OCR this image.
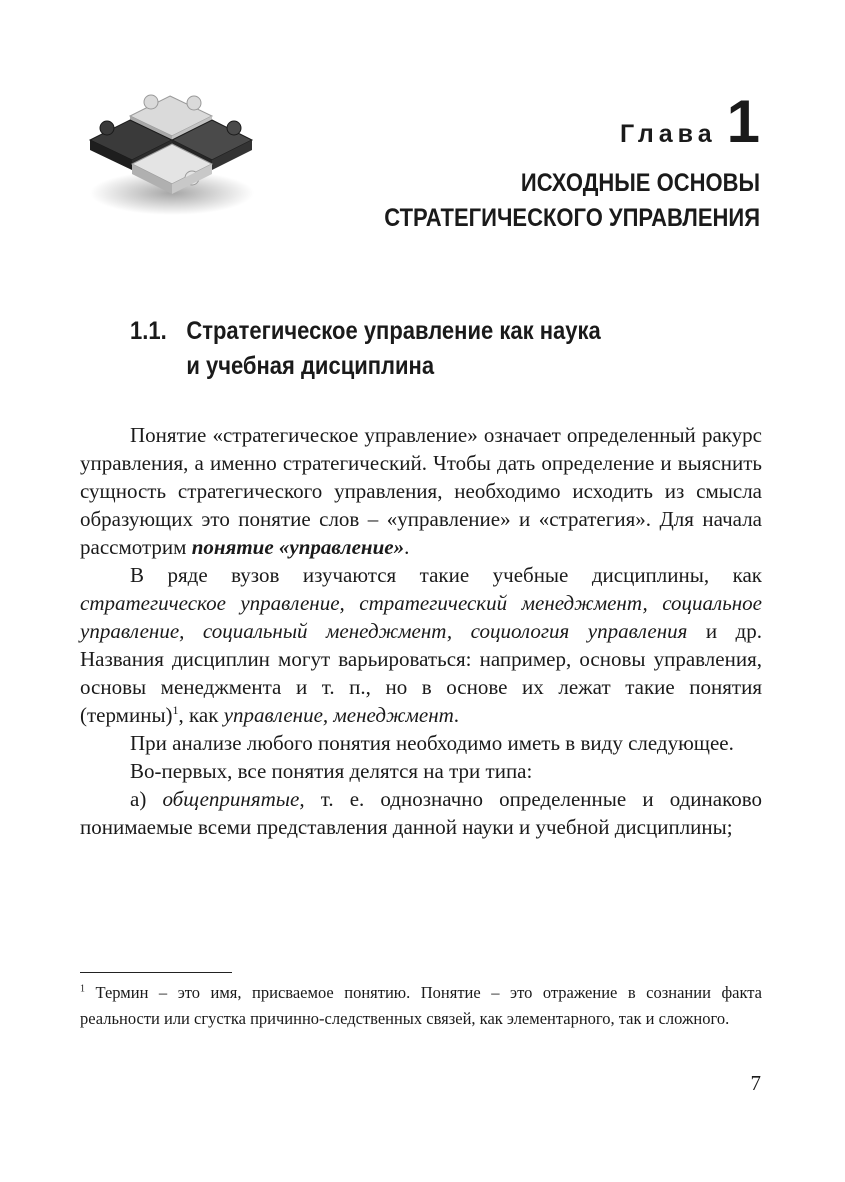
Глава 1
ИСХОДНЫЕ ОСНОВЫ
СТРАТЕГИЧЕСКОГО УПРАВЛЕНИЯ
1.1. Стратегическое управление как наука
и учебная дисциплина

Понятие «стратегическое управление» означает определенный ракурс управления, а именно стратегический. Чтобы дать определение и выяснить сущность стратегического управления, необходимо исходить из смысла образующих это понятие слов – «управление» и «стратегия». Для начала рассмотрим понятие «управление».

В ряде вузов изучаются такие учебные дисциплины, как стратегическое управление, стратегический менеджмент, социальное управление, социальный менеджмент, социология управления и др. Названия дисциплин могут варьироваться: например, основы управления, основы менеджмента и т. п., но в основе их лежат такие понятия (термины)$^1$, как управление, менеджмент.

При анализе любого понятия необходимо иметь в виду следующее.

Во-первых, все понятия делятся на три типа:

а) общепринятые, т. е. однозначно определенные и одинаково понимаемые всеми представления данной науки и учебной дисциплины;

$^1$ Термин – это имя, присваемое понятию. Понятие – это отражение в сознании факта реальности или сгустка причинно-следственных связей, как элементарного, так и сложного.
7
